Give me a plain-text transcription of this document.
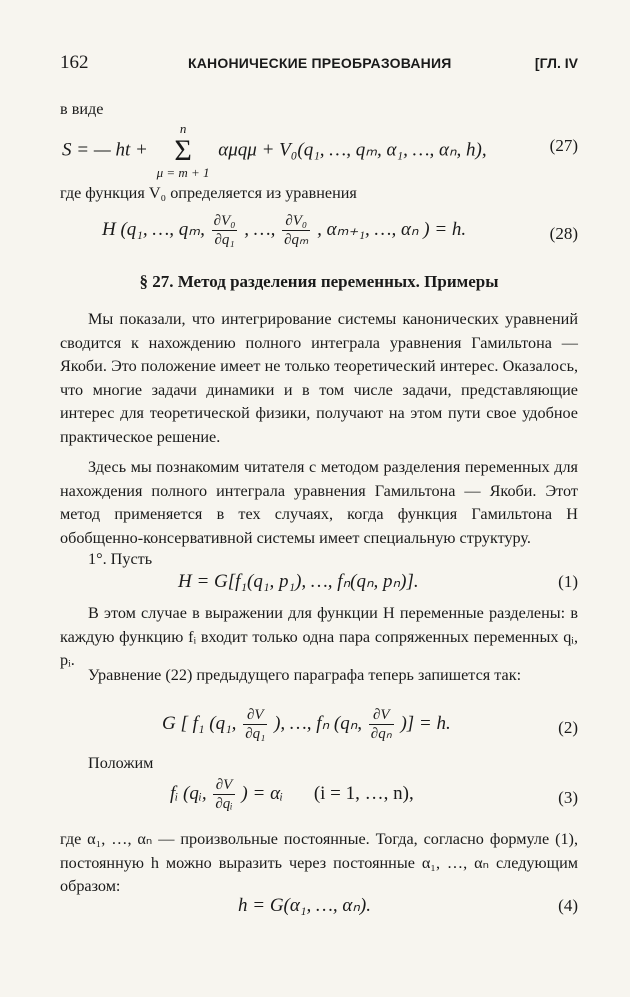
162	КАНОНИЧЕСКИЕ ПРЕОБРАЗОВАНИЯ	[ГЛ. IV
в виде
S = — ht + n
Σ
μ = m + 1 αμqμ + V₀(q₁, …, qₘ, α₁, …, αₙ, h),	(27)
где функция V₀ определяется из уравнения
H (q₁, …, qₘ, $\frac{\text{∂V₀}}{\text{∂q₁}}$ , …, $\frac{\text{∂V₀}}{\text{∂qₘ}}$ , αₘ₊₁, …, αₙ ) = h.	(28)
§ 27. Метод разделения переменных. Примеры
Мы показали, что интегрирование системы канонических уравнений сводится к нахождению полного интеграла уравнения Гамильтона — Якоби. Это положение имеет не только теоретический интерес. Оказалось, что многие задачи динамики и в том числе задачи, представляющие интерес для теоретической физики, получают на этом пути свое удобное практическое решение.
Здесь мы познакомим читателя с методом разделения переменных для нахождения полного интеграла уравнения Гамильтона — Якоби. Этот метод применяется в тех случаях, когда функция Гамильтона H обобщенно-консервативной системы имеет специальную структуру.
1°. Пусть
H = G[f₁(q₁, p₁), …, fₙ(qₙ, pₙ)].	(1)
В этом случае в выражении для функции H переменные разделены: в каждую функцию fᵢ входит только одна пара сопряженных переменных qᵢ, pᵢ.
Уравнение (22) предыдущего параграфа теперь запишется так:
G [ f₁ (q₁, $\frac{\partial V}{\text{∂q₁}}$ ), …, fₙ (qₙ, $\frac{\partial V}{\text{∂qₙ}}$ )] = h.	(2)
Положим
fᵢ (qᵢ, $\frac{\partial V}{\text{∂qᵢ}}$ ) = αᵢ (i = 1, …, n),	(3)
где α₁, …, αₙ — произвольные постоянные. Тогда, согласно формуле (1), постоянную h можно выразить через постоянные α₁, …, αₙ следующим образом:
h = G(α₁, …, αₙ).	(4)
